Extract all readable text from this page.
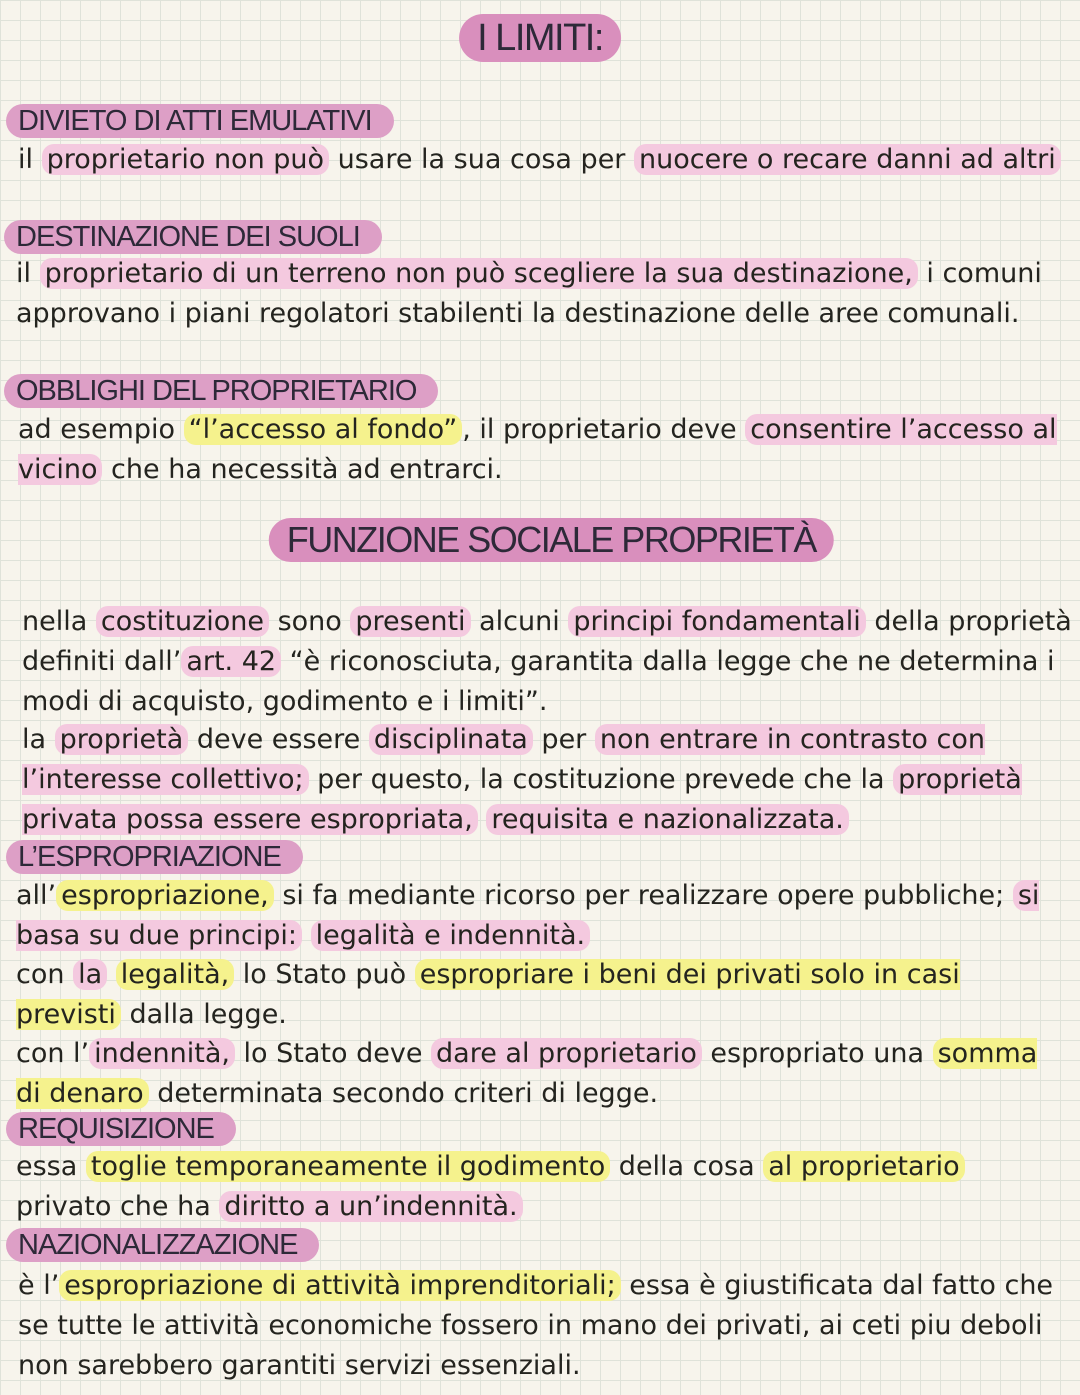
I LIMITI:
DIVIETO DI ATTI EMULATIVI

il proprietario non può usare la sua cosa per nuocere o recare danni ad altri

DESTINAZIONE DEI SUOLI

il proprietario di un terreno non può scegliere la sua destinazione, i comuni approvano i piani regolatori stabilenti la destinazione delle aree comunali.

OBBLIGHI DEL PROPRIETARIO

ad esempio “l’accesso al fondo” , il proprietario deve consentire l’accesso al vicino che ha necessità ad entrarci.

FUNZIONE SOCIALE PROPRIETÀ

nella costituzione sono presenti alcuni principi fondamentali della proprietà definiti dall’ art. 42 “è riconosciuta, garantita dalla legge che ne determina i modi di acquisto, godimento e i limiti”.

la proprietà deve essere disciplinata per non entrare in contrasto con l’interesse collettivo; per questo, la costituzione prevede che la proprietà privata possa essere espropriata, requisita e nazionalizzata.

L’ESPROPRIAZIONE

all’ espropriazione, si fa mediante ricorso per realizzare opere pubbliche; si basa su due principi: legalità e indennità.

con la legalità, lo Stato può espropriare i beni dei privati solo in casi previsti dalla legge.

con l’ indennità, lo Stato deve dare al proprietario espropriato una somma di denaro determinata secondo criteri di legge.

REQUISIZIONE

essa toglie temporaneamente il godimento della cosa al proprietario privato che ha diritto a un’indennità.

NAZIONALIZZAZIONE

è l’ espropriazione di attività imprenditoriali; essa è giustificata dal fatto che se tutte le attività economiche fossero in mano dei privati, ai ceti piu deboli non sarebbero garantiti servizi essenziali.
